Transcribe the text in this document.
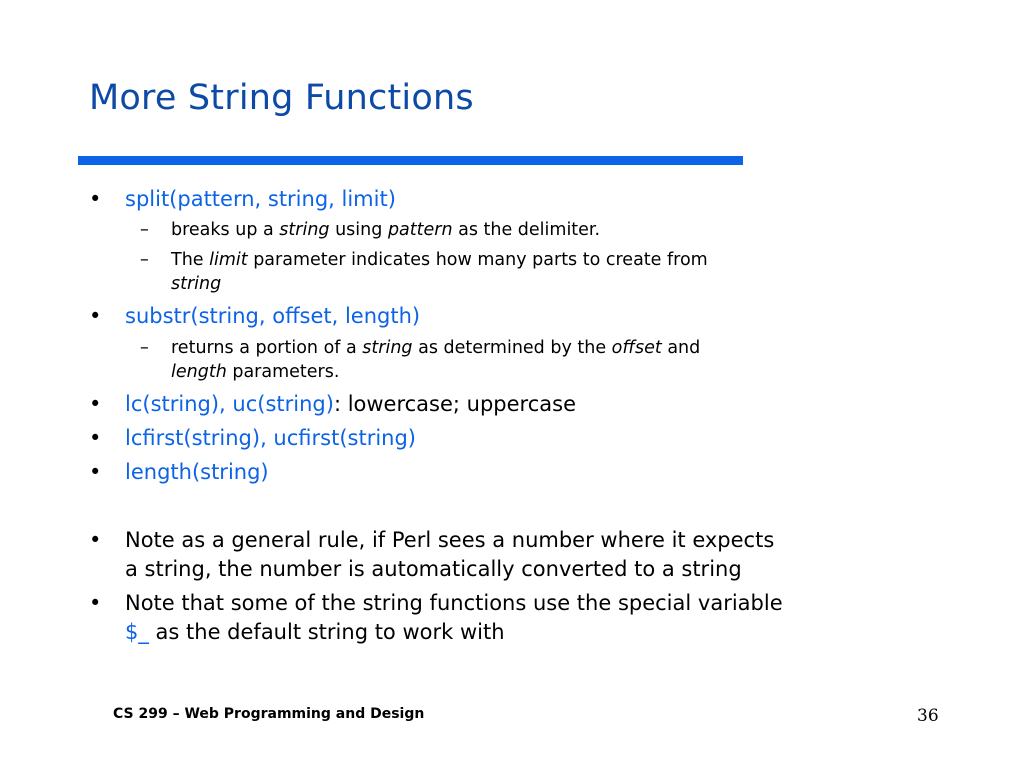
More String Functions
• split(pattern, string, limit)
– breaks up a string using pattern as the delimiter.
– The limit parameter indicates how many parts to create from
string
• substr(string, offset, length)
– returns a portion of a string as determined by the offset and
length parameters.
• lc(string), uc(string): lowercase; uppercase
• lcfirst(string), ucfirst(string)
• length(string)
• Note as a general rule, if Perl sees a number where it expects
a string, the number is automatically converted to a string
• Note that some of the string functions use the special variable
$_ as the default string to work with
CS 299 – Web Programming and Design	36
